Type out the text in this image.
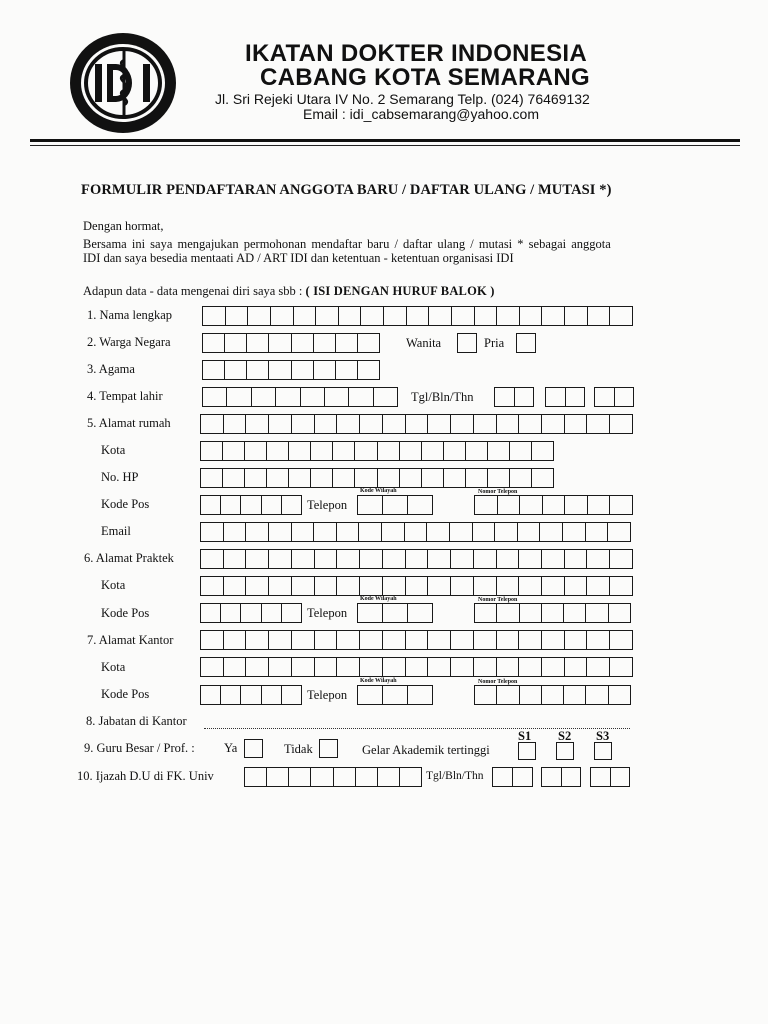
IKATAN DOKTER INDONESIA
CABANG KOTA SEMARANG
Jl. Sri Rejeki Utara IV No. 2 Semarang Telp. (024) 76469132
Email : idi_cabsemarang@yahoo.com
FORMULIR PENDAFTARAN ANGGOTA BARU / DAFTAR ULANG / MUTASI *)
Dengan hormat,
Bersama ini saya mengajukan permohonan mendaftar baru / daftar ulang / mutasi * sebagai anggota
IDI dan saya besedia mentaati AD / ART IDI dan ketentuan - ketentuan organisasi IDI
Adapun data - data mengenai diri saya sbb : ( ISI DENGAN HURUF BALOK )
1. Nama lengkap
2. Warga Negara	Wanita	Pria
3. Agama
4. Tempat lahir	Tgl/Bln/Thn
5. Alamat rumah
Kota
No. HP
Kode Pos	Telepon
Kode Wilayah	Nomor Telepon
Email
6. Alamat Praktek
Kota
Kode Pos	Telepon
Kode Wilayah	Nomor Telepon
7. Alamat Kantor
Kota
Kode Pos	Telepon
Kode Wilayah	Nomor Telepon
8. Jabatan di Kantor
9. Guru Besar / Prof. : Ya	Tidak	Gelar Akademik tertinggi
S1 S2 S3
10. Ijazah D.U di FK. Univ	Tgl/Bln/Thn
